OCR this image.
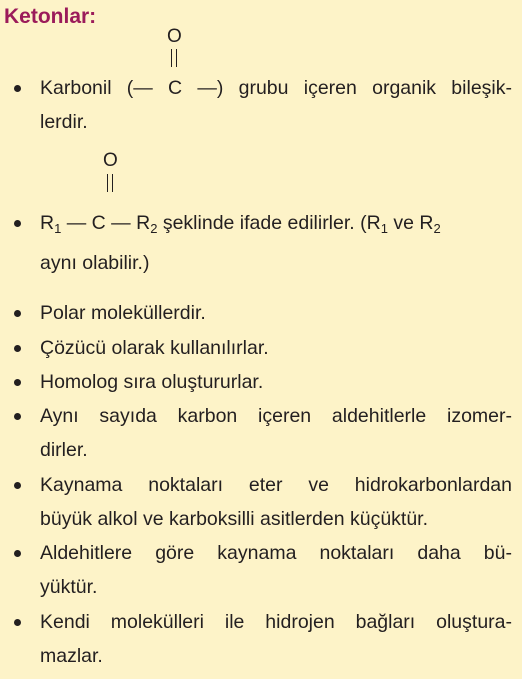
Ketonlar:
O

Karbonil (— C —) grubu içeren organik bileşik-

lerdir.

O

$R_1$ — C — $R_2$ şeklinde ifade edilirler. ($R_1$ ve $R_2$

aynı olabilir.)

Polar moleküllerdir.

Çözücü olarak kullanılırlar.

Homolog sıra oluştururlar.

Aynı sayıda karbon içeren aldehitlerle izomer-

dirler.

Kaynama noktaları eter ve hidrokarbonlardan

büyük alkol ve karboksilli asitlerden küçüktür.

Aldehitlere göre kaynama noktaları daha bü-

yüktür.

Kendi molekülleri ile hidrojen bağları oluştura-

mazlar.
